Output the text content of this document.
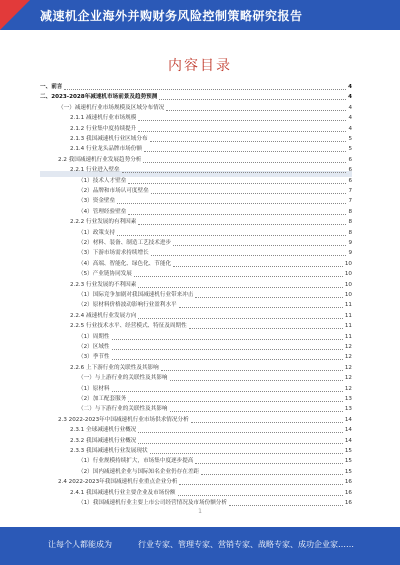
减速机企业海外并购财务风险控制策略研究报告
内容目录
一、前言	4
二、2023-2028年减速机市场前景及趋势预测	4
（一）减速机行业市场规模及区域分布情况	4
2.1.1 减速机行业市场规模	4
2.1.2 行业集中度持续提升	4
2.1.3 我国减速机行业区域分布	5
2.1.4 行业龙头品牌市场份额	5
2.2 我国减速机行业发展趋势分析	6
2.2.1 行业进入壁垒	6
（1）技术人才壁垒	6
（2）品牌和市场认可度壁垒	7
（3）资金壁垒	7
（4）管理经验壁垒	8
2.2.2 行业发展的有利因素	8
（1）政策支持	8
（2）材料、装备、制造工艺技术进步	9
（3）下游市场需求持续增长	9
（4）高端、智能化、绿色化、节能化	10
（5）产业链协同发展	10
2.2.3 行业发展的不利因素	10
（1）国际竞争加剧对我国减速机行业带来冲击	10
（2）原材料价格波动影响行业盈利水平	11
2.2.4 减速机行业发展方向	11
2.2.5 行业技术水平、经营模式、特征及周期性	11
（1）周期性	11
（2）区域性	12
（3）季节性	12
2.2.6 上下游行业的关联性及其影响	12
（一）与上游行业的关联性及其影响	12
（1）原材料	12
（2）加工配套服务	13
（二）与下游行业的关联性及其影响	13
2.3 2022-2023年中国减速机行业市场供求情况分析	14
2.3.1 全球减速机行业概况	14
2.3.2 我国减速机行业概况	14
2.3.3 我国减速机行业发展现状	15
（1）行业规模持续扩大，市场集中度逐步提高	15
（2）国内减速机企业与国际知名企业仍存在差距	15
2.4 2022-2023年我国减速机行业重点企业分析	16
2.4.1 我国减速机行业主要企业及市场份额	16
（1）我国减速机行业主要上市公司经营情况及市场份额分析	16
1
让每个人都能成为	行业专家、管理专家、营销专家、战略专家、成功企业家……
